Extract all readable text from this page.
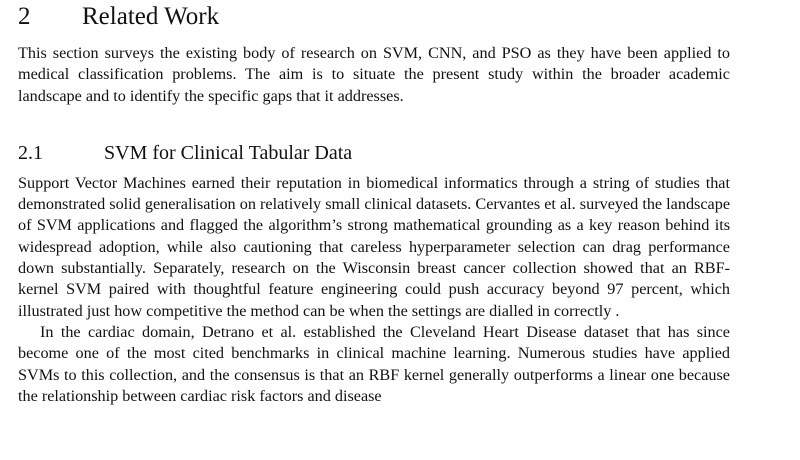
2	Related Work

This section surveys the existing body of research on SVM, CNN, and PSO as they have been applied to medical classification problems. The aim is to situate the present study within the broader academic landscape and to identify the specific gaps that it addresses.

2.1	SVM for Clinical Tabular Data

Support Vector Machines earned their reputation in biomedical informatics through a string of studies that demonstrated solid generalisation on relatively small clinical datasets. Cervantes et al. surveyed the landscape of SVM applications and flagged the algorithm’s strong mathematical grounding as a key reason behind its widespread adoption, while also cautioning that careless hyperparameter selection can drag performance down substantially. Separately, research on the Wisconsin breast cancer collection showed that an RBF-kernel SVM paired with thoughtful feature engineering could push accuracy beyond 97 percent, which illustrated just how competitive the method can be when the settings are dialled in correctly .

In the cardiac domain, Detrano et al. established the Cleveland Heart Disease dataset that has since become one of the most cited benchmarks in clinical machine learning. Numerous studies have applied SVMs to this collection, and the consensus is that an RBF kernel generally outperforms a linear one because the relationship between cardiac risk factors and disease
